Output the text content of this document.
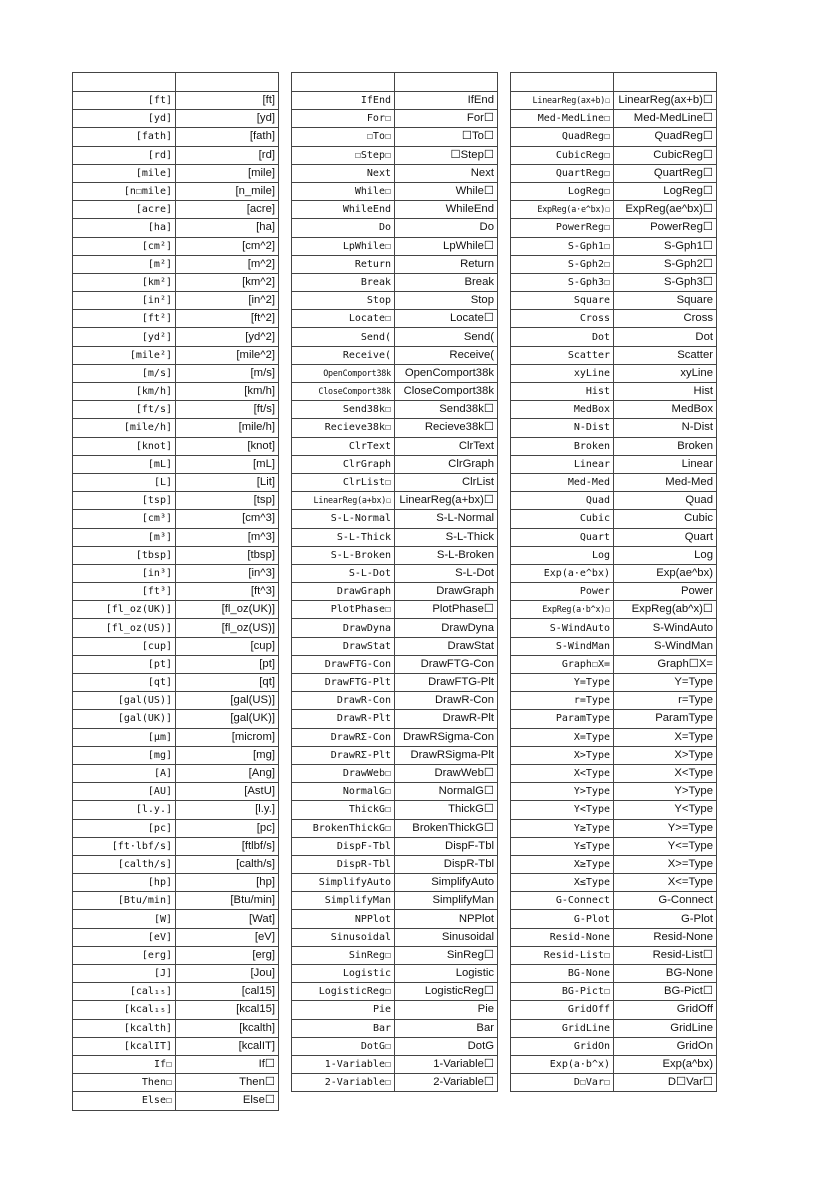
[ft]	[ft]
[yd]	[yd]
[fath]	[fath]
[rd]	[rd]
[mile]	[mile]
[n☐mile]	[n_mile]
[acre]	[acre]
[ha]	[ha]
[cm²]	[cm^2]
[m²]	[m^2]
[km²]	[km^2]
[in²]	[in^2]
[ft²]	[ft^2]
[yd²]	[yd^2]
[mile²]	[mile^2]
[m/s]	[m/s]
[km/h]	[km/h]
[ft/s]	[ft/s]
[mile/h]	[mile/h]
[knot]	[knot]
[mL]	[mL]
[L]	[Lit]
[tsp]	[tsp]
[cm³]	[cm^3]
[m³]	[m^3]
[tbsp]	[tbsp]
[in³]	[in^3]
[ft³]	[ft^3]
[fl_oz(UK)]	[fl_oz(UK)]
[fl_oz(US)]	[fl_oz(US)]
[cup]	[cup]
[pt]	[pt]
[qt]	[qt]
[gal(US)]	[gal(US)]
[gal(UK)]	[gal(UK)]
[μm]	[microm]
[mg]	[mg]
[A]	[Ang]
[AU]	[AstU]
[l.y.]	[l.y.]
[pc]	[pc]
[ft·lbf/s]	[ftlbf/s]
[calth/s]	[calth/s]
[hp]	[hp]
[Btu/min]	[Btu/min]
[W]	[Wat]
[eV]	[eV]
[erg]	[erg]
[J]	[Jou]
[cal₁₅]	[cal15]
[kcal₁₅]	[kcal15]
[kcalth]	[kcalth]
[kcalIT]	[kcalIT]
If☐	If☐
Then☐	Then☐
Else☐	Else☐

IfEnd	IfEnd
For☐	For☐
☐To☐	☐To☐
☐Step☐	☐Step☐
Next	Next
While☐	While☐
WhileEnd	WhileEnd
Do	Do
LpWhile☐	LpWhile☐
Return	Return
Break	Break
Stop	Stop
Locate☐	Locate☐
Send(	Send(
Receive(	Receive(
OpenComport38k	OpenComport38k
CloseComport38k	CloseComport38k
Send38k☐	Send38k☐
Recieve38k☐	Recieve38k☐
ClrText	ClrText
ClrGraph	ClrGraph
ClrList☐	ClrList
LinearReg(a+bx)☐	LinearReg(a+bx)☐
S-L-Normal	S-L-Normal
S-L-Thick	S-L-Thick
S-L-Broken	S-L-Broken
S-L-Dot	S-L-Dot
DrawGraph	DrawGraph
PlotPhase☐	PlotPhase☐
DrawDyna	DrawDyna
DrawStat	DrawStat
DrawFTG-Con	DrawFTG-Con
DrawFTG-Plt	DrawFTG-Plt
DrawR-Con	DrawR-Con
DrawR-Plt	DrawR-Plt
DrawRΣ-Con	DrawRSigma-Con
DrawRΣ-Plt	DrawRSigma-Plt
DrawWeb☐	DrawWeb☐
NormalG☐	NormalG☐
ThickG☐	ThickG☐
BrokenThickG☐	BrokenThickG☐
DispF-Tbl	DispF-Tbl
DispR-Tbl	DispR-Tbl
SimplifyAuto	SimplifyAuto
SimplifyMan	SimplifyMan
NPPlot	NPPlot
Sinusoidal	Sinusoidal
SinReg☐	SinReg☐
Logistic	Logistic
LogisticReg☐	LogisticReg☐
Pie	Pie
Bar	Bar
DotG☐	DotG
1-Variable☐	1-Variable☐
2-Variable☐	2-Variable☐

LinearReg(ax+b)☐	LinearReg(ax+b)☐
Med-MedLine☐	Med-MedLine☐
QuadReg☐	QuadReg☐
CubicReg☐	CubicReg☐
QuartReg☐	QuartReg☐
LogReg☐	LogReg☐
ExpReg(a·e^bx)☐	ExpReg(ae^bx)☐
PowerReg☐	PowerReg☐
S-Gph1☐	S-Gph1☐
S-Gph2☐	S-Gph2☐
S-Gph3☐	S-Gph3☐
Square	Square
Cross	Cross
Dot	Dot
Scatter	Scatter
xyLine	xyLine
Hist	Hist
MedBox	MedBox
N-Dist	N-Dist
Broken	Broken
Linear	Linear
Med-Med	Med-Med
Quad	Quad
Cubic	Cubic
Quart	Quart
Log	Log
Exp(a·e^bx)	Exp(ae^bx)
Power	Power
ExpReg(a·b^x)☐	ExpReg(ab^x)☐
S-WindAuto	S-WindAuto
S-WindMan	S-WindMan
Graph☐X=	Graph☐X=
Y=Type	Y=Type
r=Type	r=Type
ParamType	ParamType
X=Type	X=Type
X>Type	X>Type
X<Type	X<Type
Y>Type	Y>Type
Y<Type	Y<Type
Y≥Type	Y>=Type
Y≤Type	Y<=Type
X≥Type	X>=Type
X≤Type	X<=Type
G-Connect	G-Connect
G-Plot	G-Plot
Resid-None	Resid-None
Resid-List☐	Resid-List☐
BG-None	BG-None
BG-Pict☐	BG-Pict☐
GridOff	GridOff
GridLine	GridLine
GridOn	GridOn
Exp(a·b^x)	Exp(a^bx)
D☐Var☐	D☐Var☐
